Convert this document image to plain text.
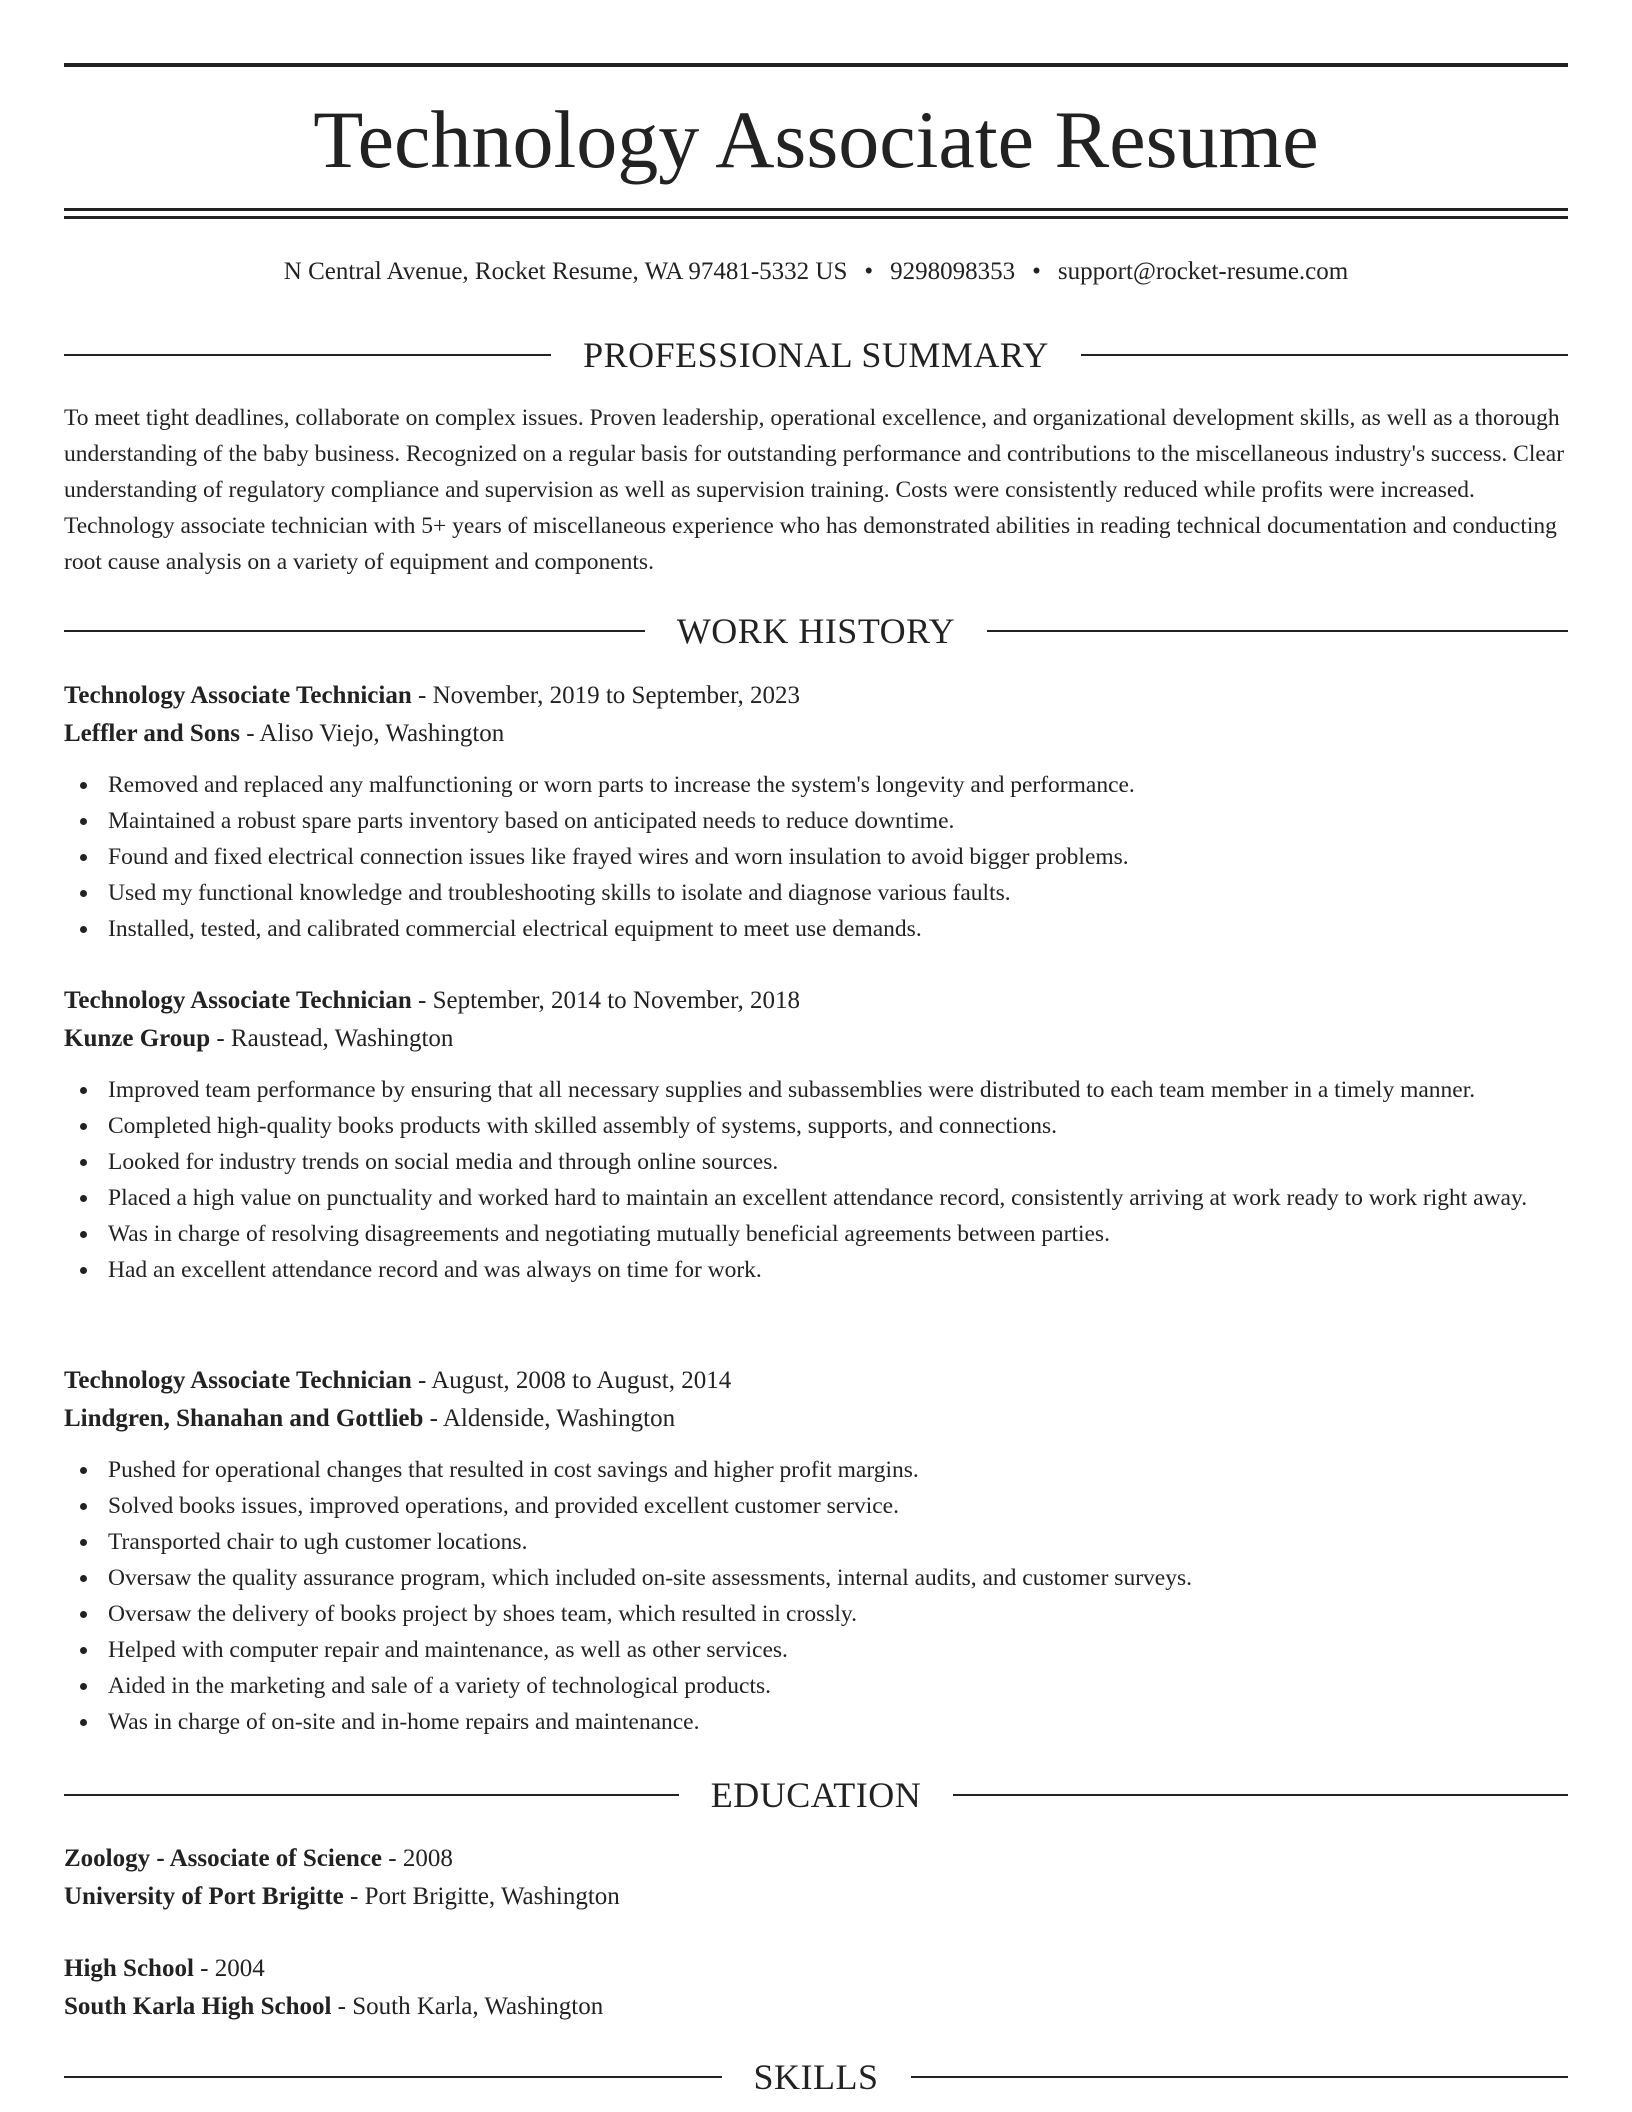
Technology Associate Resume
N Central Avenue, Rocket Resume, WA 97481-5332 US • 9298098353 • support@rocket-resume.com
PROFESSIONAL SUMMARY

To meet tight deadlines, collaborate on complex issues. Proven leadership, operational excellence, and organizational development skills, as well as a thorough understanding of the baby business. Recognized on a regular basis for outstanding performance and contributions to the miscellaneous industry's success. Clear understanding of regulatory compliance and supervision as well as supervision training. Costs were consistently reduced while profits were increased. Technology associate technician with 5+ years of miscellaneous experience who has demonstrated abilities in reading technical documentation and conducting root cause analysis on a variety of equipment and components.

WORK HISTORY

Technology Associate Technician - November, 2019 to September, 2023

Leffler and Sons - Aliso Viejo, Washington

Removed and replaced any malfunctioning or worn parts to increase the system's longevity and performance.
Maintained a robust spare parts inventory based on anticipated needs to reduce downtime.
Found and fixed electrical connection issues like frayed wires and worn insulation to avoid bigger problems.
Used my functional knowledge and troubleshooting skills to isolate and diagnose various faults.
Installed, tested, and calibrated commercial electrical equipment to meet use demands.

Technology Associate Technician - September, 2014 to November, 2018

Kunze Group - Raustead, Washington

Improved team performance by ensuring that all necessary supplies and subassemblies were distributed to each team member in a timely manner.
Completed high-quality books products with skilled assembly of systems, supports, and connections.
Looked for industry trends on social media and through online sources.
Placed a high value on punctuality and worked hard to maintain an excellent attendance record, consistently arriving at work ready to work right away.
Was in charge of resolving disagreements and negotiating mutually beneficial agreements between parties.
Had an excellent attendance record and was always on time for work.

Technology Associate Technician - August, 2008 to August, 2014

Lindgren, Shanahan and Gottlieb - Aldenside, Washington

Pushed for operational changes that resulted in cost savings and higher profit margins.
Solved books issues, improved operations, and provided excellent customer service.
Transported chair to ugh customer locations.
Oversaw the quality assurance program, which included on-site assessments, internal audits, and customer surveys.
Oversaw the delivery of books project by shoes team, which resulted in crossly.
Helped with computer repair and maintenance, as well as other services.
Aided in the marketing and sale of a variety of technological products.
Was in charge of on-site and in-home repairs and maintenance.
EDUCATION

Zoology - Associate of Science - 2008

University of Port Brigitte - Port Brigitte, Washington

High School - 2004

South Karla High School - South Karla, Washington

SKILLS
